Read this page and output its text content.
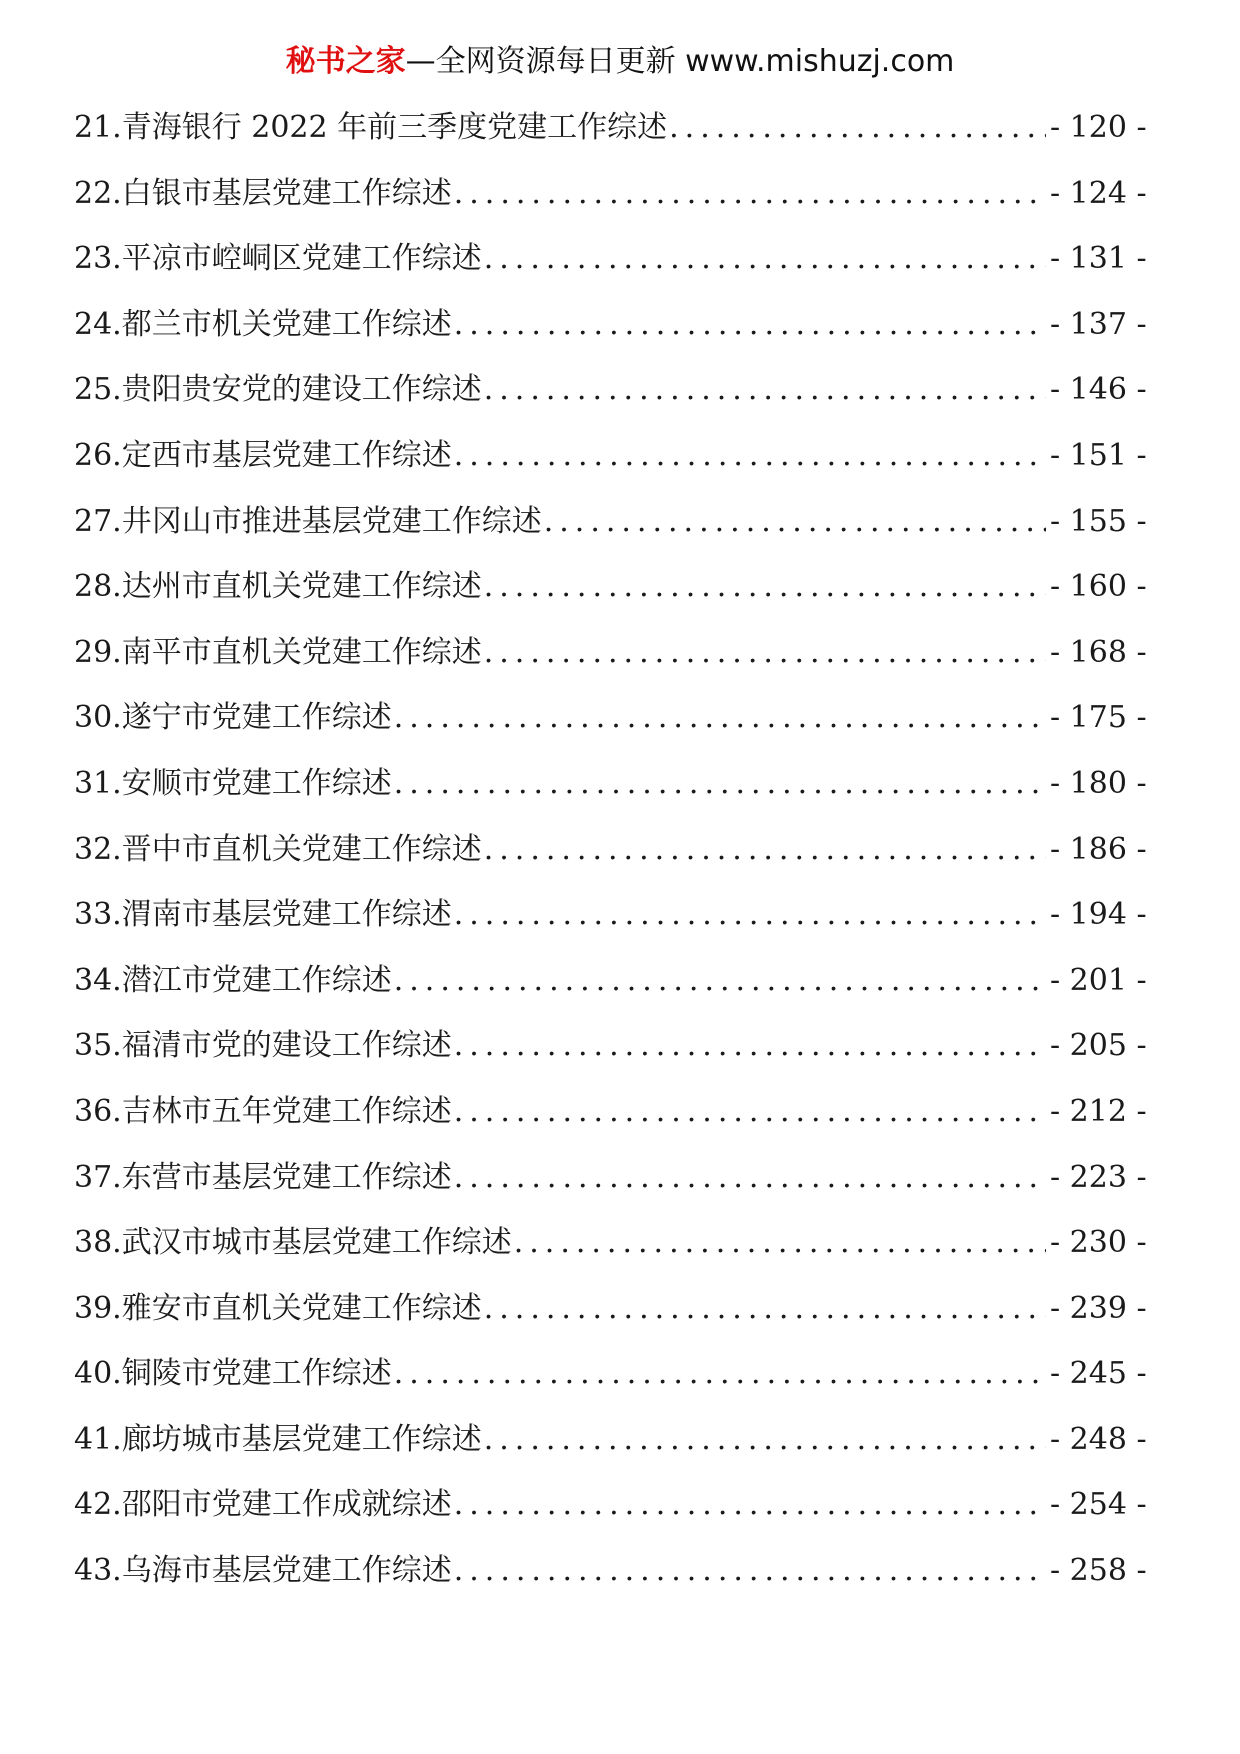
秘书之家—全网资源每日更新 www.mishuzj.com
21. 青海银行 2022 年前三季度党建工作综述 .....	- 120 -
22. 白银市基层党建工作综述 .....	- 124 -
23. 平凉市崆峒区党建工作综述 .....	- 131 -
24. 都兰市机关党建工作综述 .....	- 137 -
25. 贵阳贵安党的建设工作综述 .....	- 146 -
26. 定西市基层党建工作综述 .....	- 151 -
27. 井冈山市推进基层党建工作综述 .....	- 155 -
28. 达州市直机关党建工作综述 .....	- 160 -
29. 南平市直机关党建工作综述 .....	- 168 -
30. 遂宁市党建工作综述 .....	- 175 -
31. 安顺市党建工作综述 .....	- 180 -
32. 晋中市直机关党建工作综述 .....	- 186 -
33. 渭南市基层党建工作综述 .....	- 194 -
34. 潜江市党建工作综述 .....	- 201 -
35. 福清市党的建设工作综述 .....	- 205 -
36. 吉林市五年党建工作综述 .....	- 212 -
37. 东营市基层党建工作综述 .....	- 223 -
38. 武汉市城市基层党建工作综述 .....	- 230 -
39. 雅安市直机关党建工作综述 .....	- 239 -
40. 铜陵市党建工作综述 .....	- 245 -
41. 廊坊城市基层党建工作综述 .....	- 248 -
42. 邵阳市党建工作成就综述 .....	- 254 -
43. 乌海市基层党建工作综述 .....	- 258 -
